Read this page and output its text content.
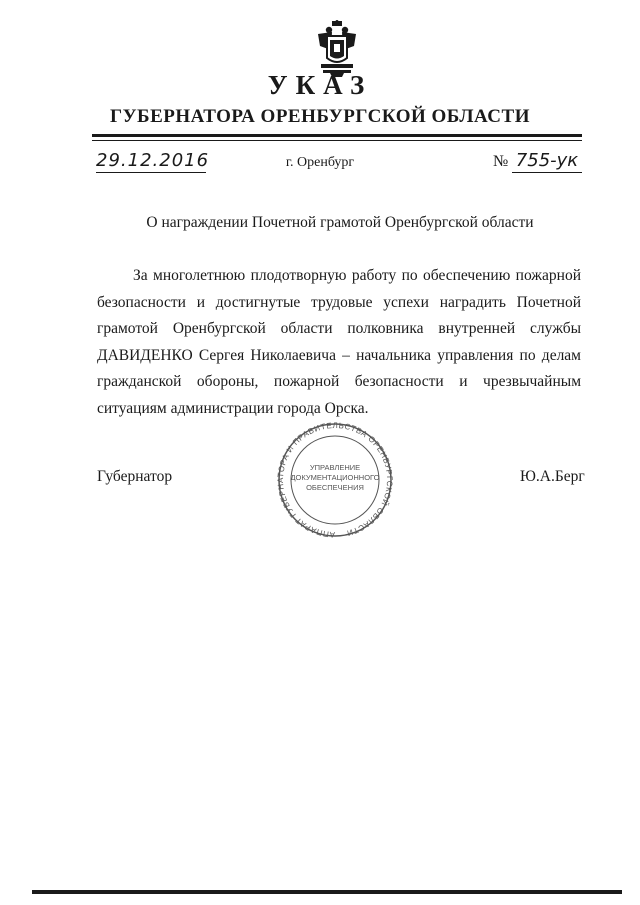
УКАЗ
ГУБЕРНАТОРА ОРЕНБУРГСКОЙ ОБЛАСТИ
29.12.2016	г. Оренбург	№ 755-ук
О награждении Почетной грамотой Оренбургской области

За многолетнюю плодотворную работу по обеспечению пожарной безопасности и достигнутые трудовые успехи наградить Почетной грамотой Оренбургской области полковника внутренней службы ДАВИДЕНКО Сергея Николаевича – начальника управления по делам гражданской обороны, пожарной безопасности и чрезвычайным ситуациям администрации города Орска.

Губернатор	Ю.А.Берг
АППАРАТ ГУБЕРНАТОРА И ПРАВИТЕЛЬСТВА ОРЕНБУРГСКОЙ ОБЛАСТИ
УПРАВЛЕНИЕ
ДОКУМЕНТАЦИОННОГО
ОБЕСПЕЧЕНИЯ
